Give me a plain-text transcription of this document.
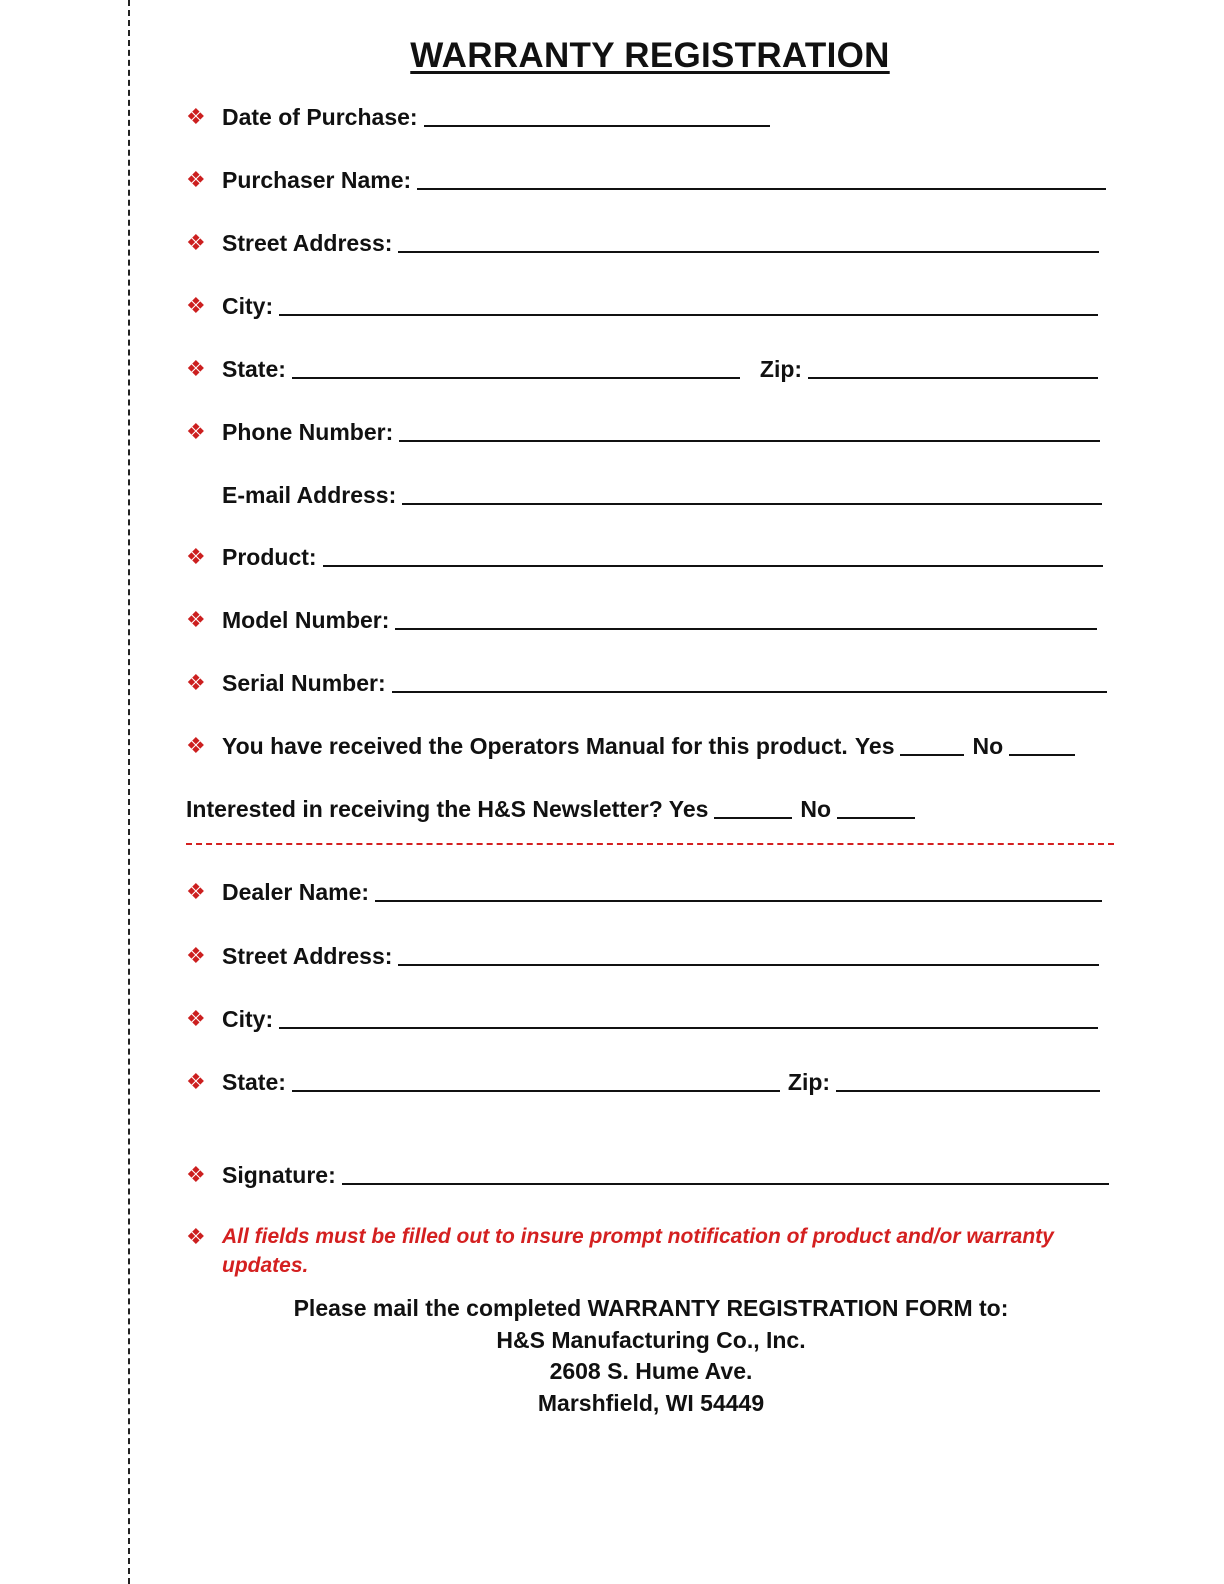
WARRANTY REGISTRATION
❖ Date of Purchase:
❖ Purchaser Name:
❖ Street Address:
❖ City:
❖ State:	Zip:
❖ Phone Number:
E-mail Address:
❖ Product:
❖ Model Number:
❖ Serial Number:
❖ You have received the Operators Manual for this product. Yes	No
Interested in receiving the H&S Newsletter? Yes	No
❖ Dealer Name:
❖ Street Address:
❖ City:
❖ State:	Zip:
❖ Signature:
❖ All fields must be filled out to insure prompt notification of product and/or warranty updates.
Please mail the completed WARRANTY REGISTRATION FORM to:
H&S Manufacturing Co., Inc.
2608 S. Hume Ave.
Marshfield, WI 54449
